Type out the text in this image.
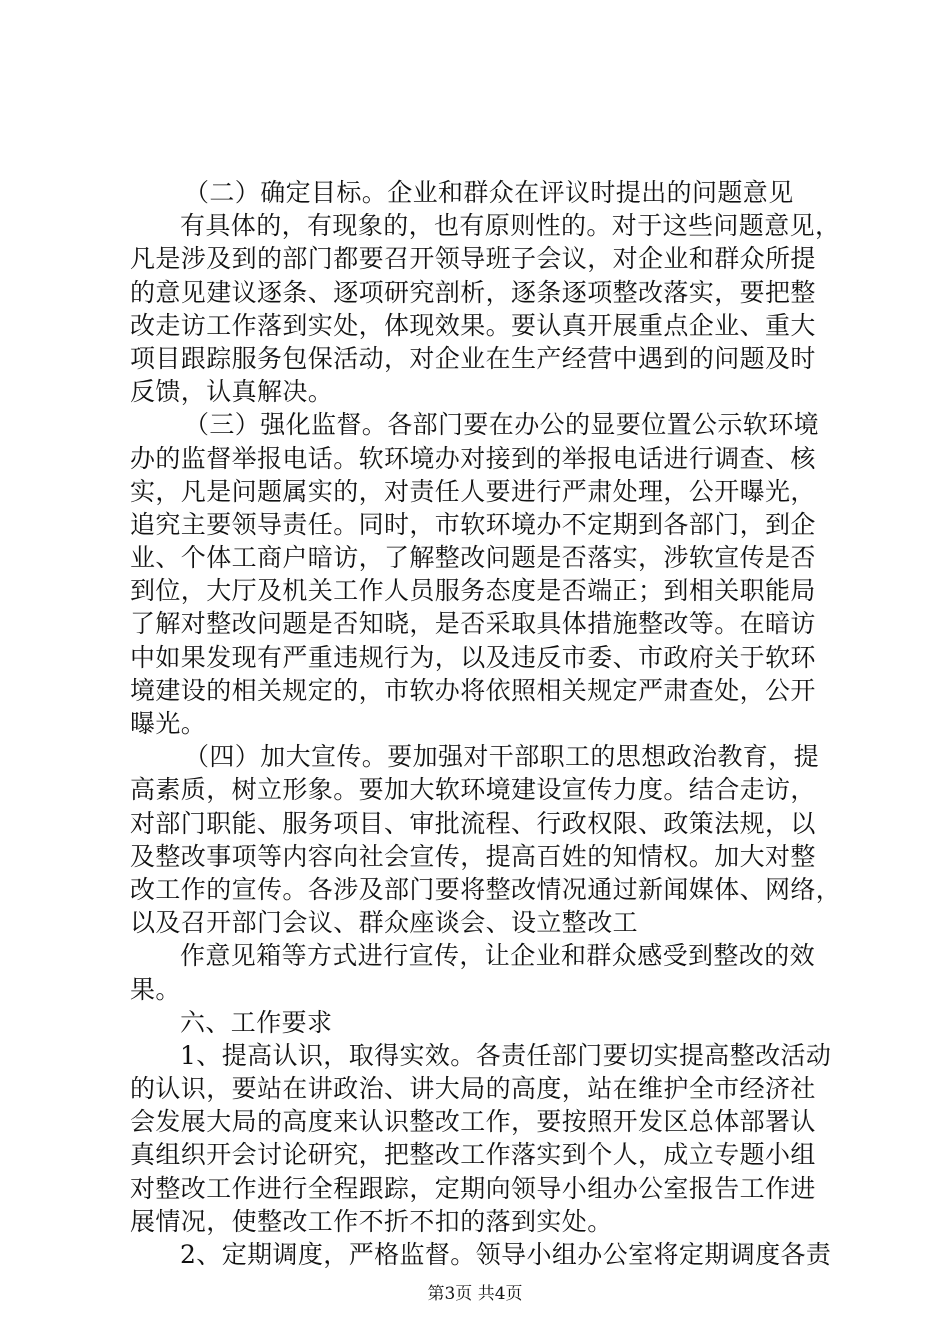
（二）确定目标。企业和群众在评议时提出的问题意见
有具体的，有现象的，也有原则性的。对于这些问题意见，
凡是涉及到的部门都要召开领导班子会议，对企业和群众所提
的意见建议逐条、逐项研究剖析，逐条逐项整改落实，要把整
改走访工作落到实处，体现效果。要认真开展重点企业、重大
项目跟踪服务包保活动，对企业在生产经营中遇到的问题及时
反馈，认真解决。
（三）强化监督。各部门要在办公的显要位置公示软环境
办的监督举报电话。软环境办对接到的举报电话进行调查、核
实，凡是问题属实的，对责任人要进行严肃处理，公开曝光，
追究主要领导责任。同时，市软环境办不定期到各部门，到企
业、个体工商户暗访，了解整改问题是否落实，涉软宣传是否
到位，大厅及机关工作人员服务态度是否端正；到相关职能局
了解对整改问题是否知晓，是否采取具体措施整改等。在暗访
中如果发现有严重违规行为，以及违反市委、市政府关于软环
境建设的相关规定的，市软办将依照相关规定严肃查处，公开
曝光。
（四）加大宣传。要加强对干部职工的思想政治教育，提
高素质，树立形象。要加大软环境建设宣传力度。结合走访，
对部门职能、服务项目、审批流程、行政权限、政策法规，以
及整改事项等内容向社会宣传，提高百姓的知情权。加大对整
改工作的宣传。各涉及部门要将整改情况通过新闻媒体、网络，
以及召开部门会议、群众座谈会、设立整改工
作意见箱等方式进行宣传，让企业和群众感受到整改的效
果。
六、工作要求
1、提高认识，取得实效。各责任部门要切实提高整改活动
的认识，要站在讲政治、讲大局的高度，站在维护全市经济社
会发展大局的高度来认识整改工作，要按照开发区总体部署认
真组织开会讨论研究，把整改工作落实到个人，成立专题小组
对整改工作进行全程跟踪，定期向领导小组办公室报告工作进
展情况，使整改工作不折不扣的落到实处。
2、定期调度，严格监督。领导小组办公室将定期调度各责
第3页 共4页
